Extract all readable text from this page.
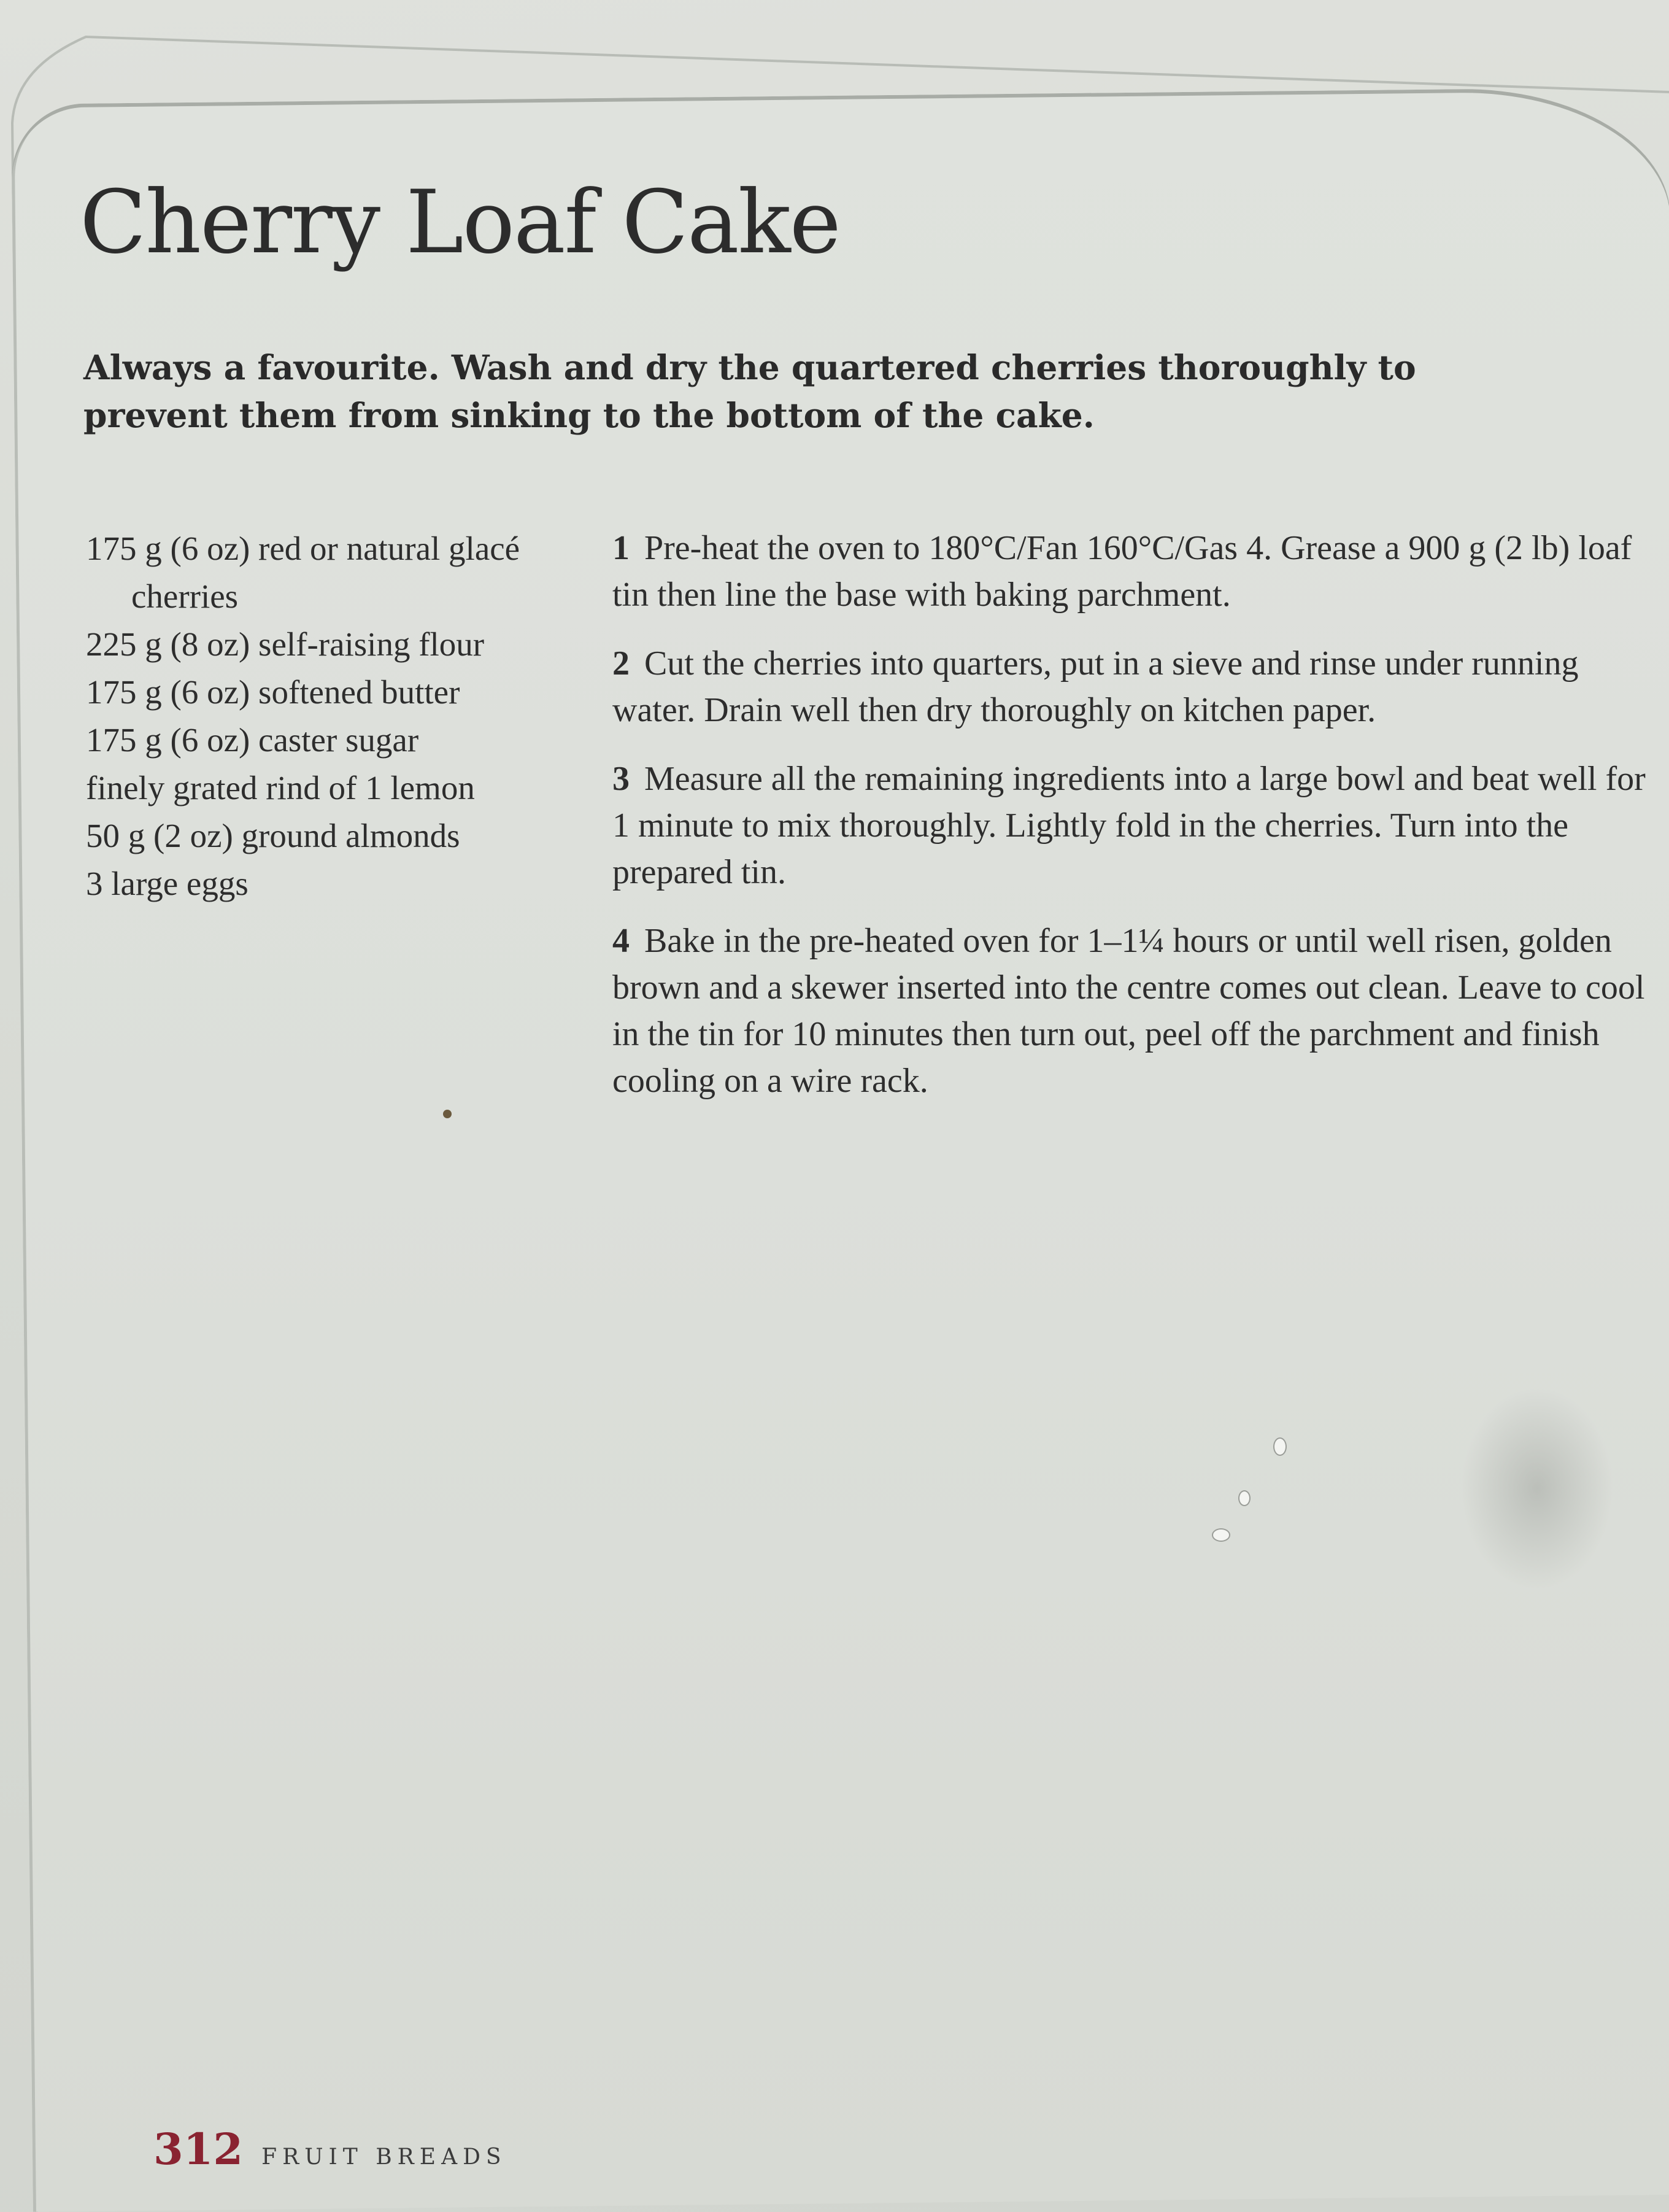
Cherry Loaf Cake

Always a favourite. Wash and dry the quartered cherries thoroughly to prevent them from sinking to the bottom of the cake.

175 g (6 oz) red or natural glacé cherries
225 g (8 oz) self-raising flour
175 g (6 oz) softened butter
175 g (6 oz) caster sugar
finely grated rind of 1 lemon
50 g (2 oz) ground almonds
3 large eggs
1 Pre-heat the oven to 180°C/Fan 160°C/Gas 4. Grease a 900 g (2 lb) loaf tin then line the base with baking parchment.
2 Cut the cherries into quarters, put in a sieve and rinse under running water. Drain well then dry thoroughly on kitchen paper.
3 Measure all the remaining ingredients into a large bowl and beat well for 1 minute to mix thoroughly. Lightly fold in the cherries. Turn into the prepared tin.
4 Bake in the pre-heated oven for 1–1¼ hours or until well risen, golden brown and a skewer inserted into the centre comes out clean. Leave to cool in the tin for 10 minutes then turn out, peel off the parchment and finish cooling on a wire rack.
312 FRUIT BREADS
